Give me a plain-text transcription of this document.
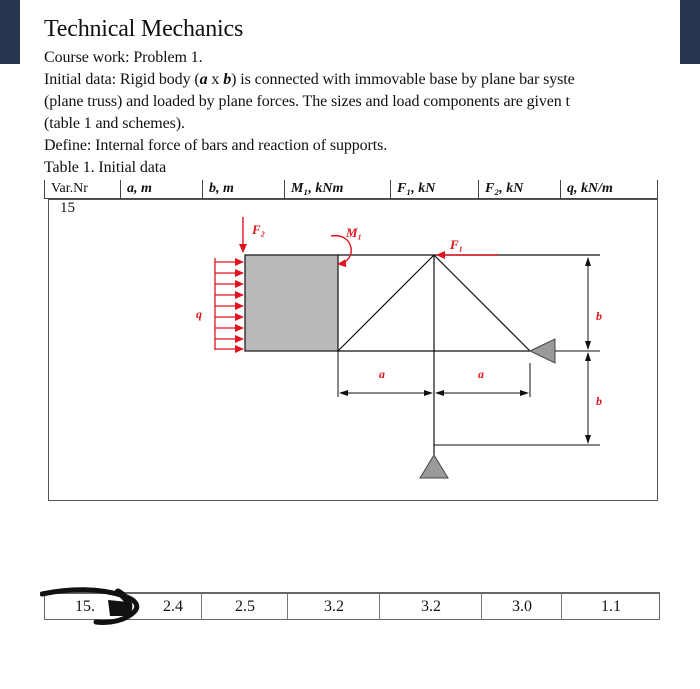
Technical Mechanics
Course work: Problem 1.
Initial data: Rigid body (a x b) is connected with immovable base by plane bar syste
(plane truss) and loaded by plane forces. The sizes and load components are given t
(table 1 and schemes).
Define: Internal force of bars and reaction of supports.
Table 1. Initial data
Var.Nr	a, m	b, m	M₁, kNm	F₁, kN	F₂, kN	q, kN/m
15
F₂	M₁
F₁
q
a	a
b
b
15.	2.4	2.5	3.2	3.2	3.0	1.1
